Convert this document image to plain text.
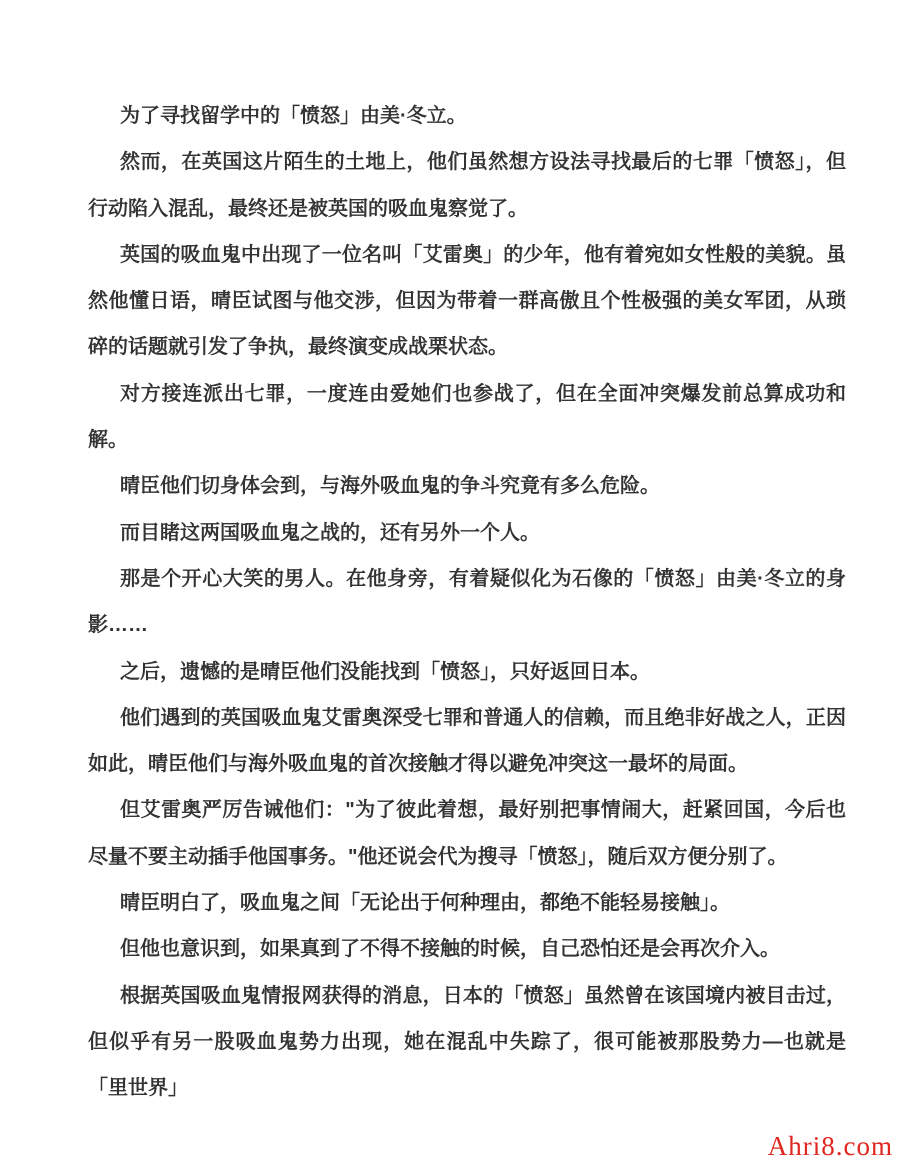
为了寻找留学中的「愤怒」由美·冬立。

然而，在英国这片陌生的土地上，他们虽然想方设法寻找最后的七罪「愤怒」，但行动陷入混乱，最终还是被英国的吸血鬼察觉了。

英国的吸血鬼中出现了一位名叫「艾雷奥」的少年，他有着宛如女性般的美貌。虽然他懂日语，晴臣试图与他交涉，但因为带着一群高傲且个性极强的美女军团，从琐碎的话题就引发了争执，最终演变成战栗状态。

对方接连派出七罪，一度连由爱她们也参战了，但在全面冲突爆发前总算成功和解。

晴臣他们切身体会到，与海外吸血鬼的争斗究竟有多么危险。

而目睹这两国吸血鬼之战的，还有另外一个人。

那是个开心大笑的男人。在他身旁，有着疑似化为石像的「愤怒」由美·冬立的身影……

之后，遗憾的是晴臣他们没能找到「愤怒」，只好返回日本。

他们遇到的英国吸血鬼艾雷奥深受七罪和普通人的信赖，而且绝非好战之人，正因如此，晴臣他们与海外吸血鬼的首次接触才得以避免冲突这一最坏的局面。

但艾雷奥严厉告诫他们："为了彼此着想，最好别把事情闹大，赶紧回国，今后也尽量不要主动插手他国事务。"他还说会代为搜寻「愤怒」，随后双方便分别了。

晴臣明白了，吸血鬼之间「无论出于何种理由，都绝不能轻易接触」。

但他也意识到，如果真到了不得不接触的时候，自己恐怕还是会再次介入。

根据英国吸血鬼情报网获得的消息，日本的「愤怒」虽然曾在该国境内被目击过，但似乎有另一股吸血鬼势力出现，她在混乱中失踪了，很可能被那股势力—也就是「里世界」

Ahri8.com
